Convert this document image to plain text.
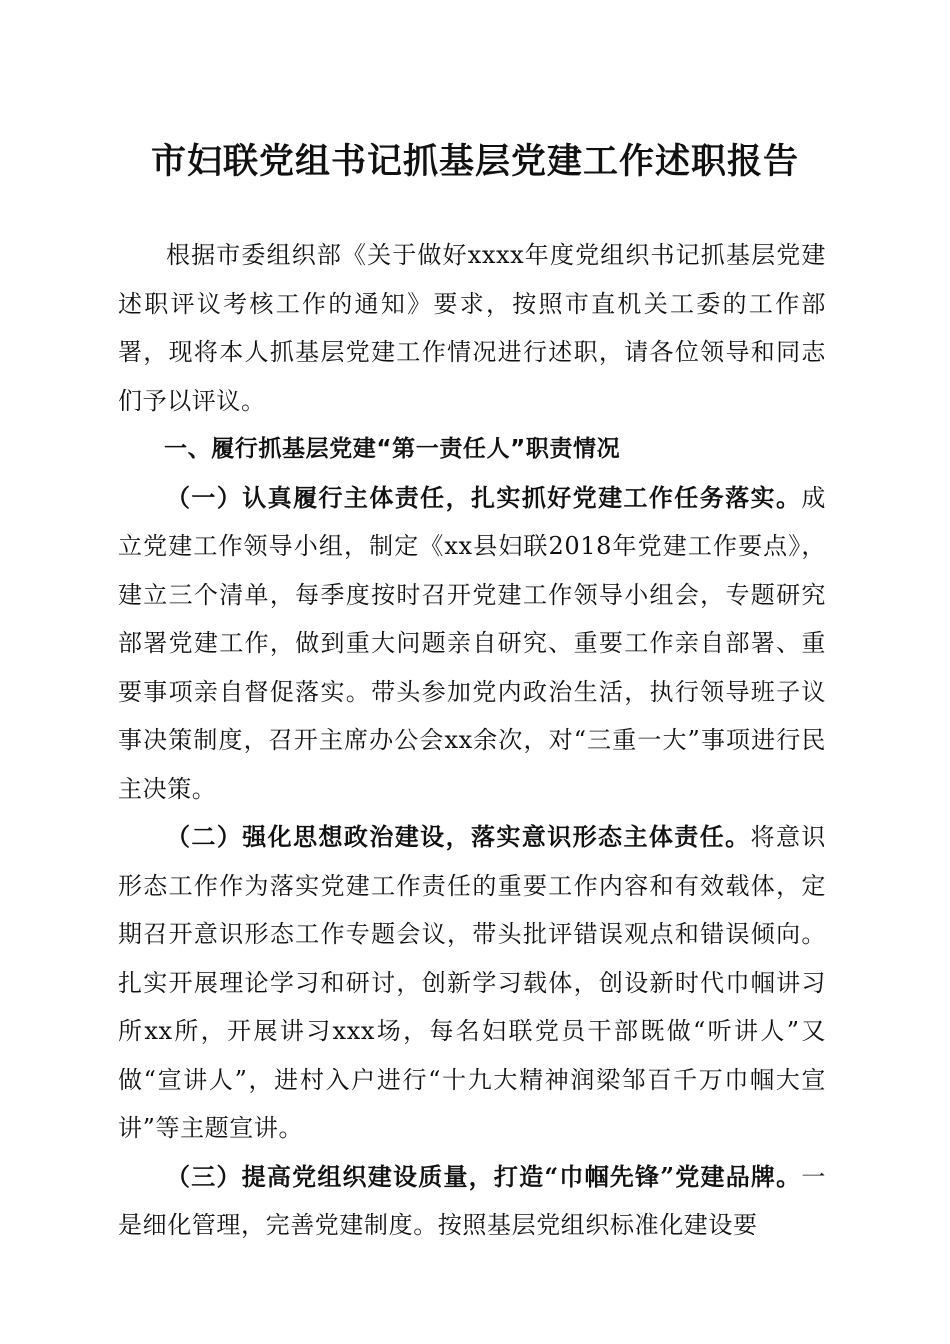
市妇联党组书记抓基层党建工作述职报告

根据市委组织部《关于做好xxxx年度党组织书记抓基层党建述职评议考核工作的通知》要求，按照市直机关工委的工作部署，现将本人抓基层党建工作情况进行述职，请各位领导和同志们予以评议。

一、履行抓基层党建“第一责任人”职责情况

（一）认真履行主体责任，扎实抓好党建工作任务落实。成立党建工作领导小组，制定《xx县妇联2018年党建工作要点》，建立三个清单，每季度按时召开党建工作领导小组会，专题研究部署党建工作，做到重大问题亲自研究、重要工作亲自部署、重要事项亲自督促落实。带头参加党内政治生活，执行领导班子议事决策制度，召开主席办公会xx余次，对“三重一大”事项进行民主决策。

（二）强化思想政治建设，落实意识形态主体责任。将意识形态工作作为落实党建工作责任的重要工作内容和有效载体，定期召开意识形态工作专题会议，带头批评错误观点和错误倾向。扎实开展理论学习和研讨，创新学习载体，创设新时代巾帼讲习所xx所，开展讲习xxx场，每名妇联党员干部既做“听讲人”又做“宣讲人”，进村入户进行“十九大精神润梁邹百千万巾帼大宣讲”等主题宣讲。

（三）提高党组织建设质量，打造“巾帼先锋”党建品牌。一是细化管理，完善党建制度。按照基层党组织标准化建设要
